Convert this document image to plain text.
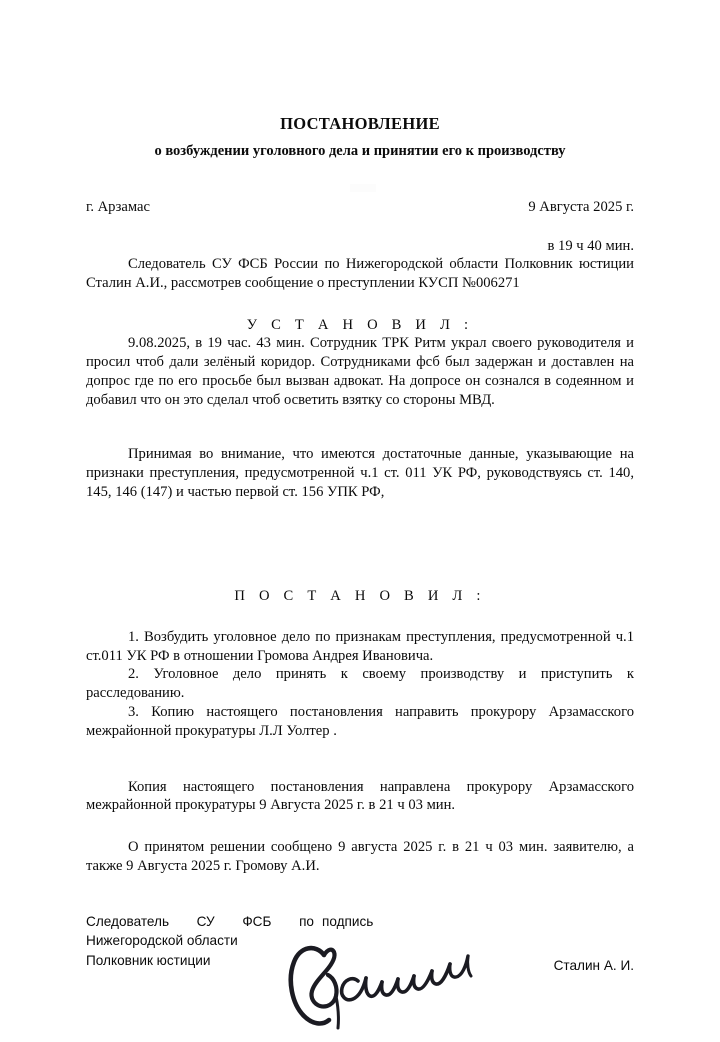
ПОСТАНОВЛЕНИЕ
о возбуждении уголовного дела и принятии его к производству
г. Арзамас	9 Августа 2025 г.
в 19 ч 40 мин.

Следователь СУ ФСБ России по Нижегородской области Полковник юстиции Сталин А.И., рассмотрев сообщение о преступлении КУСП №006271

У С Т А Н О В И Л :

9.08.2025, в 19 час. 43 мин. Сотрудник ТРК Ритм украл своего руководителя и просил чтоб дали зелёный коридор. Сотрудниками фсб был задержан и доставлен на допрос где по его просьбе был вызван адвокат. На допросе он сознался в содеянном и добавил что он это сделал чтоб осветить взятку со стороны МВД.

Принимая во внимание, что имеются достаточные данные, указывающие на признаки преступления, предусмотренной ч.1 ст. 011 УК РФ, руководствуясь ст. 140, 145, 146 (147) и частью первой ст. 156 УПК РФ,

П О С Т А Н О В И Л :

1. Возбудить уголовное дело по признакам преступления, предусмотренной ч.1 ст.011 УК РФ в отношении Громова Андрея Ивановича.

2. Уголовное дело принять к своему производству и приступить к расследованию.

3. Копию настоящего постановления направить прокурору Арзамасского межрайонной прокуратуры Л.Л Уолтер .

Копия настоящего постановления направлена прокурору Арзамасского межрайонной прокуратуры 9 Августа 2025 г. в 21 ч 03 мин.

О принятом решении сообщено 9 августа 2025 г. в 21 ч 03 мин. заявителю, а также 9 Августа 2025 г. Громову А.И.

Следователь СУ ФСБ по подпись
Нижегородской области
Полковник юстиции	Сталин А. И.
